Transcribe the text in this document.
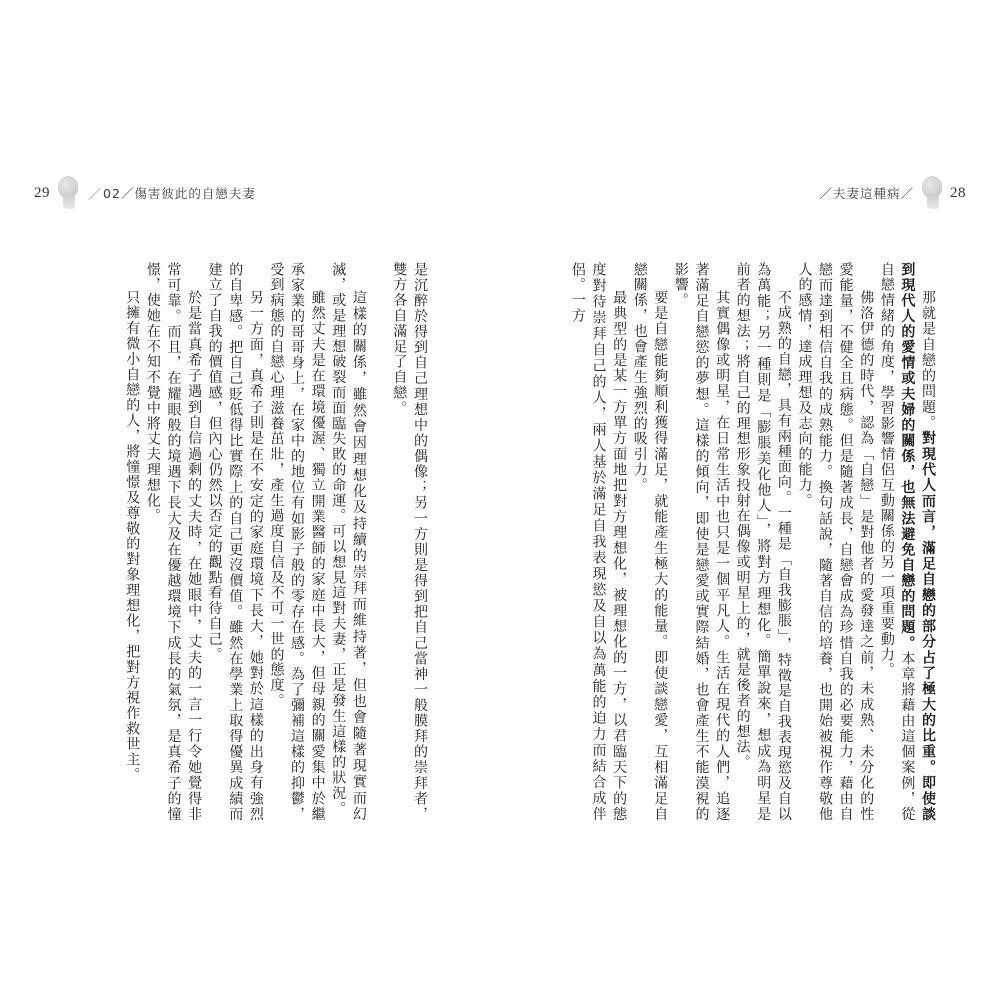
29	／ 02／傷害彼此的自戀夫妻	／夫妻這種病／ 28

那就是自戀的問題。對現代人而言，滿足自戀的部分占了極大的比重。即使談到現代人的愛情或夫婦的關係，也無法避免自戀的問題。本章將藉由這個案例，從自戀情緒的角度，學習影響情侶互動關係的另一項重要動力。

佛洛伊德的時代，認為「自戀」是對他者的愛發達之前，未成熟、未分化的性愛能量，不健全且病態。但是隨著成長，自戀會成為珍惜自我的必要能力，藉由自戀而達到相信自我的成熟能力。換句話說，隨著自信的培養，也開始被視作尊敬他人的感情，達成理想及志向的能力。

不成熟的自戀，具有兩種面向。一種是「自我膨脹」，特徵是自我表現慾及自以為萬能；另一種則是「膨脹美化他人」，將對方理想化。簡單說來，想成為明星是前者的想法；將自己的理想形象投射在偶像或明星上的，就是後者的想法。

其實偶像或明星，在日常生活中也只是一個平凡人。生活在現代的人們，追逐著滿足自戀慾的夢想。這樣的傾向，即使是戀愛或實際結婚，也會產生不能漠視的影響。

要是自戀能夠順利獲得滿足，就能產生極大的能量。即使談戀愛，互相滿足自戀關係，也會產生強烈的吸引力。

最典型的是某一方單方面地把對方理想化，被理想化的一方，以君臨天下的態度對待崇拜自己的人，兩人基於滿足自我表現慾及自以為萬能的迫力而結合成伴侶。一方

是沉醉於得到自己理想中的偶像；另一方則是得到把自己當神一般膜拜的崇拜者，雙方各自滿足了自戀。

這樣的關係，雖然會因理想化及持續的崇拜而維持著，但也會隨著現實而幻滅，或是理想破裂而面臨失敗的命運。可以想見這對夫妻，正是發生這樣的狀況。

雖然丈夫是在環境優渥、獨立開業醫師的家庭中長大，但母親的關愛集中於繼承家業的哥哥身上，在家中的地位有如影子般的零存在感。為了彌補這樣的抑鬱，受到病態的自戀心理滋養茁壯，產生過度自信及不可一世的態度。

另一方面，真希子則是在不安定的家庭環境下長大，她對於這樣的出身有強烈的自卑感。把自己貶低得比實際上的自己更沒價值。雖然在學業上取得優異成績而建立了自我的價值感，但內心仍然以否定的觀點看待自己。

於是當真希子遇到自信過剩的丈夫時，在她眼中，丈夫的一言一行令她覺得非常可靠。而且，在耀眼般的境遇下長大及在優越環境下成長的氣氛，是真希子的憧憬，使她在不知不覺中將丈夫理想化。

只擁有微小自戀的人，將憧憬及尊敬的對象理想化，把對方視作救世主。
